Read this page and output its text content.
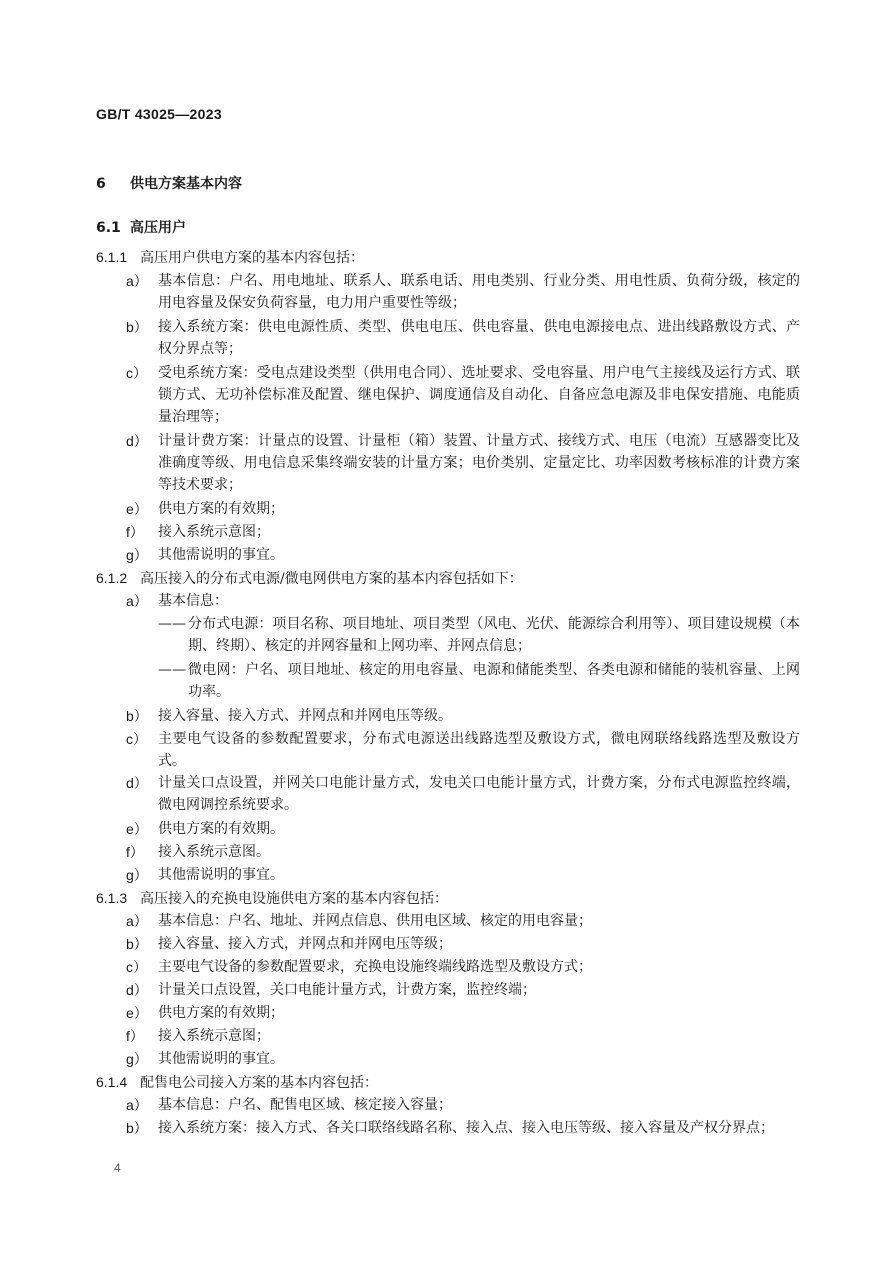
GB/T 43025—2023
6 供电方案基本内容
6.1 高压用户
6.1.1 高压用户供电方案的基本内容包括：
a） 基本信息：户名、用电地址、联系人、联系电话、用电类别、行业分类、用电性质、负荷分级，核定的用电容量及保安负荷容量，电力用户重要性等级；
b） 接入系统方案：供电电源性质、类型、供电电压、供电容量、供电电源接电点、进出线路敷设方式、产权分界点等；
c） 受电系统方案：受电点建设类型（供用电合同）、选址要求、受电容量、用户电气主接线及运行方式、联锁方式、无功补偿标准及配置、继电保护、调度通信及自动化、自备应急电源及非电保安措施、电能质量治理等；
d） 计量计费方案：计量点的设置、计量柜（箱）装置、计量方式、接线方式、电压（电流）互感器变比及准确度等级、用电信息采集终端安装的计量方案；电价类别、定量定比、功率因数考核标准的计费方案等技术要求；
e） 供电方案的有效期；
f）	接入系统示意图；
g） 其他需说明的事宜。
6.1.2 高压接入的分布式电源/微电网供电方案的基本内容包括如下：
a） 基本信息：
—— 分布式电源：项目名称、项目地址、项目类型（风电、光伏、能源综合利用等）、项目建设规模（本期、终期）、核定的并网容量和上网功率、并网点信息；
—— 微电网：户名、项目地址、核定的用电容量、电源和储能类型、各类电源和储能的装机容量、上网功率。
b） 接入容量、接入方式、并网点和并网电压等级。
c） 主要电气设备的参数配置要求，分布式电源送出线路选型及敷设方式，微电网联络线路选型及敷设方式。
d） 计量关口点设置，并网关口电能计量方式，发电关口电能计量方式，计费方案，分布式电源监控终端，微电网调控系统要求。
e） 供电方案的有效期。
f）	接入系统示意图。
g） 其他需说明的事宜。
6.1.3 高压接入的充换电设施供电方案的基本内容包括：
a） 基本信息：户名、地址、并网点信息、供用电区域、核定的用电容量；
b） 接入容量、接入方式，并网点和并网电压等级；
c） 主要电气设备的参数配置要求，充换电设施终端线路选型及敷设方式；
d） 计量关口点设置，关口电能计量方式，计费方案，监控终端；
e） 供电方案的有效期；
f）	接入系统示意图；
g） 其他需说明的事宜。
6.1.4 配售电公司接入方案的基本内容包括：
a） 基本信息：户名、配售电区域、核定接入容量；
b） 接入系统方案：接入方式、各关口联络线路名称、接入点、接入电压等级、接入容量及产权分界点；
4
